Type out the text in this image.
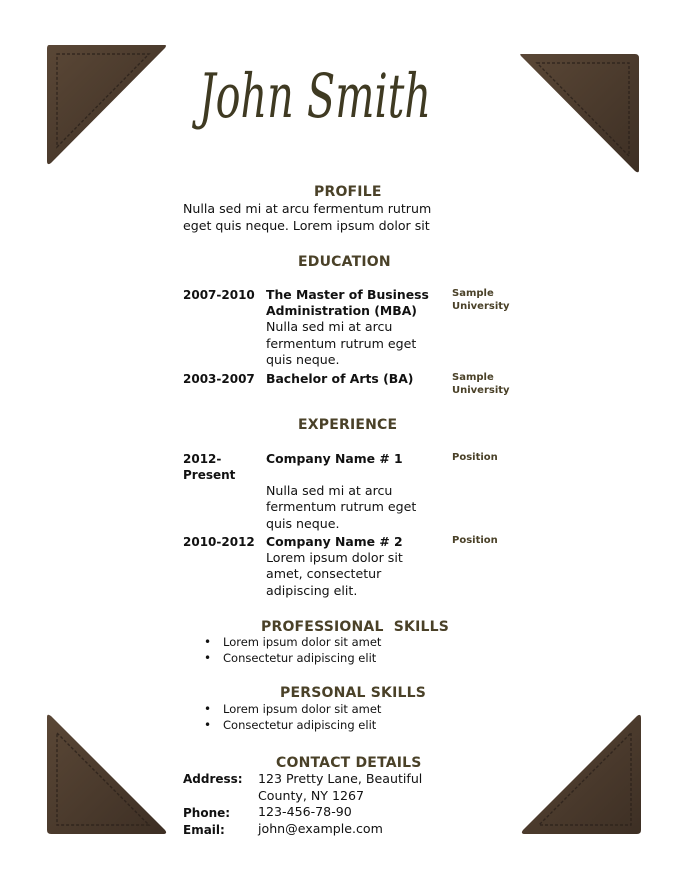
John Smith
PROFILE
Nulla sed mi at arcu fermentum rutrum
eget quis neque. Lorem ipsum dolor sit
EDUCATION
2007-2010 The Master of Business
Administration (MBA)
Nulla sed mi at arcu
fermentum rutrum eget
quis neque.
Sample
University
2003-2007 Bachelor of Arts (BA)	Sample
University
EXPERIENCE
2012-
Present
Company Name # 1
Nulla sed mi at arcu
fermentum rutrum eget
quis neque.
Position
2010-2012 Company Name # 2
Lorem ipsum dolor sit
amet, consectetur
adipiscing elit.
Position
PROFESSIONAL  SKILLS
• Lorem ipsum dolor sit amet
• Consectetur adipiscing elit
PERSONAL SKILLS
• Lorem ipsum dolor sit amet
• Consectetur adipiscing elit
CONTACT DETAILS
Address: 123 Pretty Lane, Beautiful
County, NY 1267
Phone: 123-456-78-90
Email:	john@example.com
